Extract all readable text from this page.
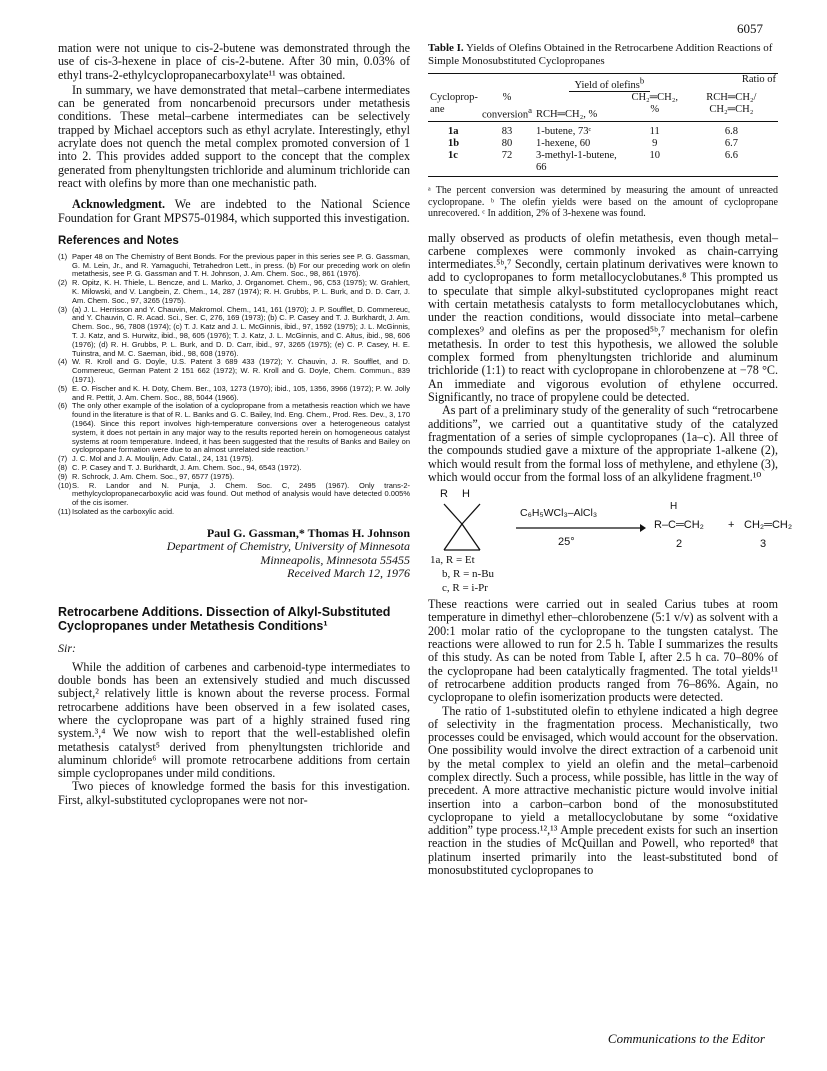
6057

mation were not unique to cis-2-butene was demonstrated through the use of cis-3-hexene in place of cis-2-butene. After 30 min, 0.03% of ethyl trans-2-ethylcyclopropanecarboxylate¹¹ was obtained.

In summary, we have demonstrated that metal–carbene intermediates can be generated from noncarbenoid precursors under metathesis conditions. These metal–carbene intermediates can be selectively trapped by Michael acceptors such as ethyl acrylate. Interestingly, ethyl acrylate does not quench the metal complex promoted conversion of 1 into 2. This provides added support to the concept that the complex generated from phenyltungsten trichloride and aluminum trichloride can react with olefins by more than one mechanistic path.

Acknowledgment. We are indebted to the National Science Foundation for Grant MPS75-01984, which supported this investigation.

References and Notes
(1) Paper 48 on The Chemistry of Bent Bonds. For the previous paper in this series see P. G. Gassman, G. M. Lein, Jr., and R. Yamaguchi, Tetrahedron Lett., in press. (b) For our preceding work on olefin metathesis, see P. G. Gassman and T. H. Johnson, J. Am. Chem. Soc., 98, 861 (1976).
(2) R. Opitz, K. H. Thiele, L. Bencze, and L. Marko, J. Organomet. Chem., 96, C53 (1975); W. Grahlert, K. Milowski, and V. Langbein, Z. Chem., 14, 287 (1974); R. H. Grubbs, P. L. Burk, and D. D. Carr, J. Am. Chem. Soc., 97, 3265 (1975).
(3) (a) J. L. Herrisson and Y. Chauvin, Makromol. Chem., 141, 161 (1970); J. P. Soufflet, D. Commereuc, and Y. Chauvin, C. R. Acad. Sci., Ser. C, 276, 169 (1973); (b) C. P. Casey and T. J. Burkhardt, J. Am. Chem. Soc., 96, 7808 (1974); (c) T. J. Katz and J. L. McGinnis, ibid., 97, 1592 (1975); J. L. McGinnis, T. J. Katz, and S. Hurwitz, ibid., 98, 605 (1976); T. J. Katz, J. L. McGinnis, and C. Altus, ibid., 98, 606 (1976); (d) R. H. Grubbs, P. L. Burk, and D. D. Carr, ibid., 97, 3265 (1975); (e) C. P. Casey, H. E. Tuinstra, and M. C. Saeman, ibid., 98, 608 (1976).
(4) W. R. Kroll and G. Doyle, U.S. Patent 3 689 433 (1972); Y. Chauvin, J. R. Soufflet, and D. Commereuc, German Patent 2 151 662 (1972); W. R. Kroll and G. Doyle, Chem. Commun., 839 (1971).
(5) E. O. Fischer and K. H. Doty, Chem. Ber., 103, 1273 (1970); ibid., 105, 1356, 3966 (1972); P. W. Jolly and R. Pettit, J. Am. Chem. Soc., 88, 5044 (1966).
(6) The only other example of the isolation of a cyclopropane from a metathesis reaction which we have found in the literature is that of R. L. Banks and G. C. Bailey, Ind. Eng. Chem., Prod. Res. Dev., 3, 170 (1964). Since this report involves high-temperature conversions over a heterogeneous catalyst system, it does not pertain in any major way to the results reported herein on homogeneous catalyst systems at room temperature. Indeed, it has been suggested that the results of Banks and Bailey on cyclopropane formation were due to an almost unrelated side reaction.⁷
(7) J. C. Mol and J. A. Moulijn, Adv. Catal., 24, 131 (1975).
(8) C. P. Casey and T. J. Burkhardt, J. Am. Chem. Soc., 94, 6543 (1972).
(9) R. Schrock, J. Am. Chem. Soc., 97, 6577 (1975).
(10) S. R. Landor and N. Punja, J. Chem. Soc. C, 2495 (1967). Only trans-2-methylcyclopropanecarboxylic acid was found. Out method of analysis would have detected 0.005% of the cis isomer.
(11) Isolated as the carboxylic acid.
Paul G. Gassman,* Thomas H. Johnson
Department of Chemistry, University of Minnesota
Minneapolis, Minnesota 55455
Received March 12, 1976
Retrocarbene Additions. Dissection of Alkyl-Substituted Cyclopropanes under Metathesis Conditions¹
Sir:

While the addition of carbenes and carbenoid-type intermediates to double bonds has been an extensively studied and much discussed subject,² relatively little is known about the reverse process. Formal retrocarbene additions have been observed in a few isolated cases, where the cyclopropane was part of a highly strained fused ring system.³,⁴ We now wish to report that the well-established olefin metathesis catalyst⁵ derived from phenyltungsten trichloride and aluminum chloride⁶ will promote retrocarbene additions from certain simple cyclopropanes under mild conditions.

Two pieces of knowledge formed the basis for this investigation. First, alkyl-substituted cyclopropanes were not nor-

Table I. Yields of Olefins Obtained in the Retrocarbene Addition Reactions of Simple Monosubstituted Cyclopropanes
		Yield of olefins$^b$		Ratio of
Cycloprop-ane	%
conversion$^a$	RCH═CH₂, %	CH₂═CH₂, %	RCH═CH₂/ CH₂═CH₂
1a	83	1-butene, 73ᶜ	11	6.8
1b	80	1-hexene, 60	9	6.7
1c	72	3-methyl-1-butene, 66	10	6.6
ᵃ The percent conversion was determined by measuring the amount of unreacted cyclopropane. ᵇ The olefin yields were based on the amount of cyclopropane unrecovered. ᶜ In addition, 2% of 3-hexene was found.

mally observed as products of olefin metathesis, even though metal–carbene complexes were commonly invoked as chain-carrying intermediates.⁵ᵇ,⁷ Secondly, certain platinum derivatives were known to add to cyclopropanes to form metallocyclobutanes.⁸ This prompted us to speculate that simple alkyl-substituted cyclopropanes might react with certain metathesis catalysts to form metallocyclobutanes which, under the reaction conditions, would dissociate into metal–carbene complexes⁹ and olefins as per the proposed⁵ᵇ,⁷ mechanism for olefin metathesis. In order to test this hypothesis, we allowed the soluble complex formed from phenyltungsten trichloride and aluminum trichloride (1:1) to react with cyclopropane in chlorobenzene at −78 °C. An immediate and vigorous evolution of ethylene occurred. Significantly, no trace of propylene could be detected.

As part of a preliminary study of the generality of such “retrocarbene additions”, we carried out a quantitative study of the catalyzed fragmentation of a series of simple cyclopropanes (1a–c). All three of the compounds studied gave a mixture of the appropriate 1-alkene (2), which would result from the formal loss of methylene, and ethylene (3), which would occur from the formal loss of an alkylidene fragment.¹⁰

R H
C₆H₅WCl₃–AlCl₃
25°
H
R–C═CH₂ + CH₂═CH₂
2	3
1a, R = Et
b, R = n-Bu
c, R = i-Pr

These reactions were carried out in sealed Carius tubes at room temperature in dimethyl ether–chlorobenzene (5:1 v/v) as solvent with a 200:1 molar ratio of the cyclopropane to the tungsten catalyst. The reactions were allowed to run for 2.5 h. Table I summarizes the results of this study. As can be noted from Table I, after 2.5 h ca. 70–80% of the cyclopropane had been catalytically fragmented. The total yields¹¹ of retrocarbene addition products ranged from 76–86%. Again, no cyclopropane to olefin isomerization products were detected.

The ratio of 1-substituted olefin to ethylene indicated a high degree of selectivity in the fragmentation process. Mechanistically, two processes could be envisaged, which would account for the observation. One possibility would involve the direct extraction of a carbenoid unit by the metal complex to yield an olefin and the metal–carbenoid complex directly. Such a process, while possible, has little in the way of precedent. A more attractive mechanistic picture would involve initial insertion into a carbon–carbon bond of the monosubstituted cyclopropane to yield a metallocyclobutane by some “oxidative addition” type process.¹²,¹³ Ample precedent exists for such an insertion reaction in the studies of McQuillan and Powell, who reported⁸ that platinum inserted primarily into the least-substituted bond of monosubstituted cyclopropanes to

Communications to the Editor
